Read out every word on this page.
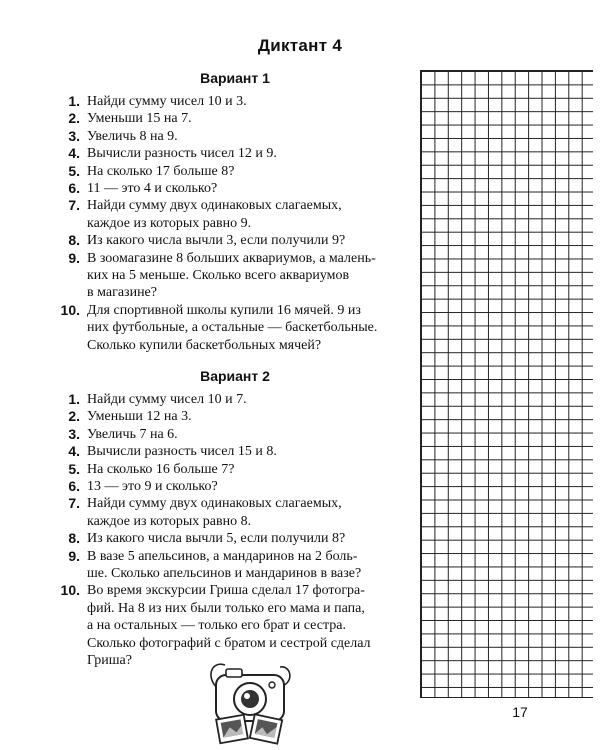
Диктант 4
Вариант 1
1. Найди сумму чисел 10 и 3.
2. Уменьши 15 на 7.
3. Увеличь 8 на 9.
4. Вычисли разность чисел 12 и 9.
5. На сколько 17 больше 8?
6. 11 — это 4 и сколько?
7. Найди сумму двух одинаковых слагаемых,
каждое из которых равно 9.
8. Из какого числа вычли 3, если получили 9?
9. В зоомагазине 8 больших аквариумов, а малень-
ких на 5 меньше. Сколько всего аквариумов
в магазине?
10. Для спортивной школы купили 16 мячей. 9 из
них футбольные, а остальные — баскетбольные.
Сколько купили баскетбольных мячей?
Вариант 2
1. Найди сумму чисел 10 и 7.
2. Уменьши 12 на 3.
3. Увеличь 7 на 6.
4. Вычисли разность чисел 15 и 8.
5. На сколько 16 больше 7?
6. 13 — это 9 и сколько?
7. Найди сумму двух одинаковых слагаемых,
каждое из которых равно 8.
8. Из какого числа вычли 5, если получили 8?
9. В вазе 5 апельсинов, а мандаринов на 2 боль-
ше. Сколько апельсинов и мандаринов в вазе?
10. Во время экскурсии Гриша сделал 17 фотогра-
фий. На 8 из них были только его мама и папа,
а на остальных — только его брат и сестра.
Сколько фотографий с братом и сестрой сделал
Гриша?
17
